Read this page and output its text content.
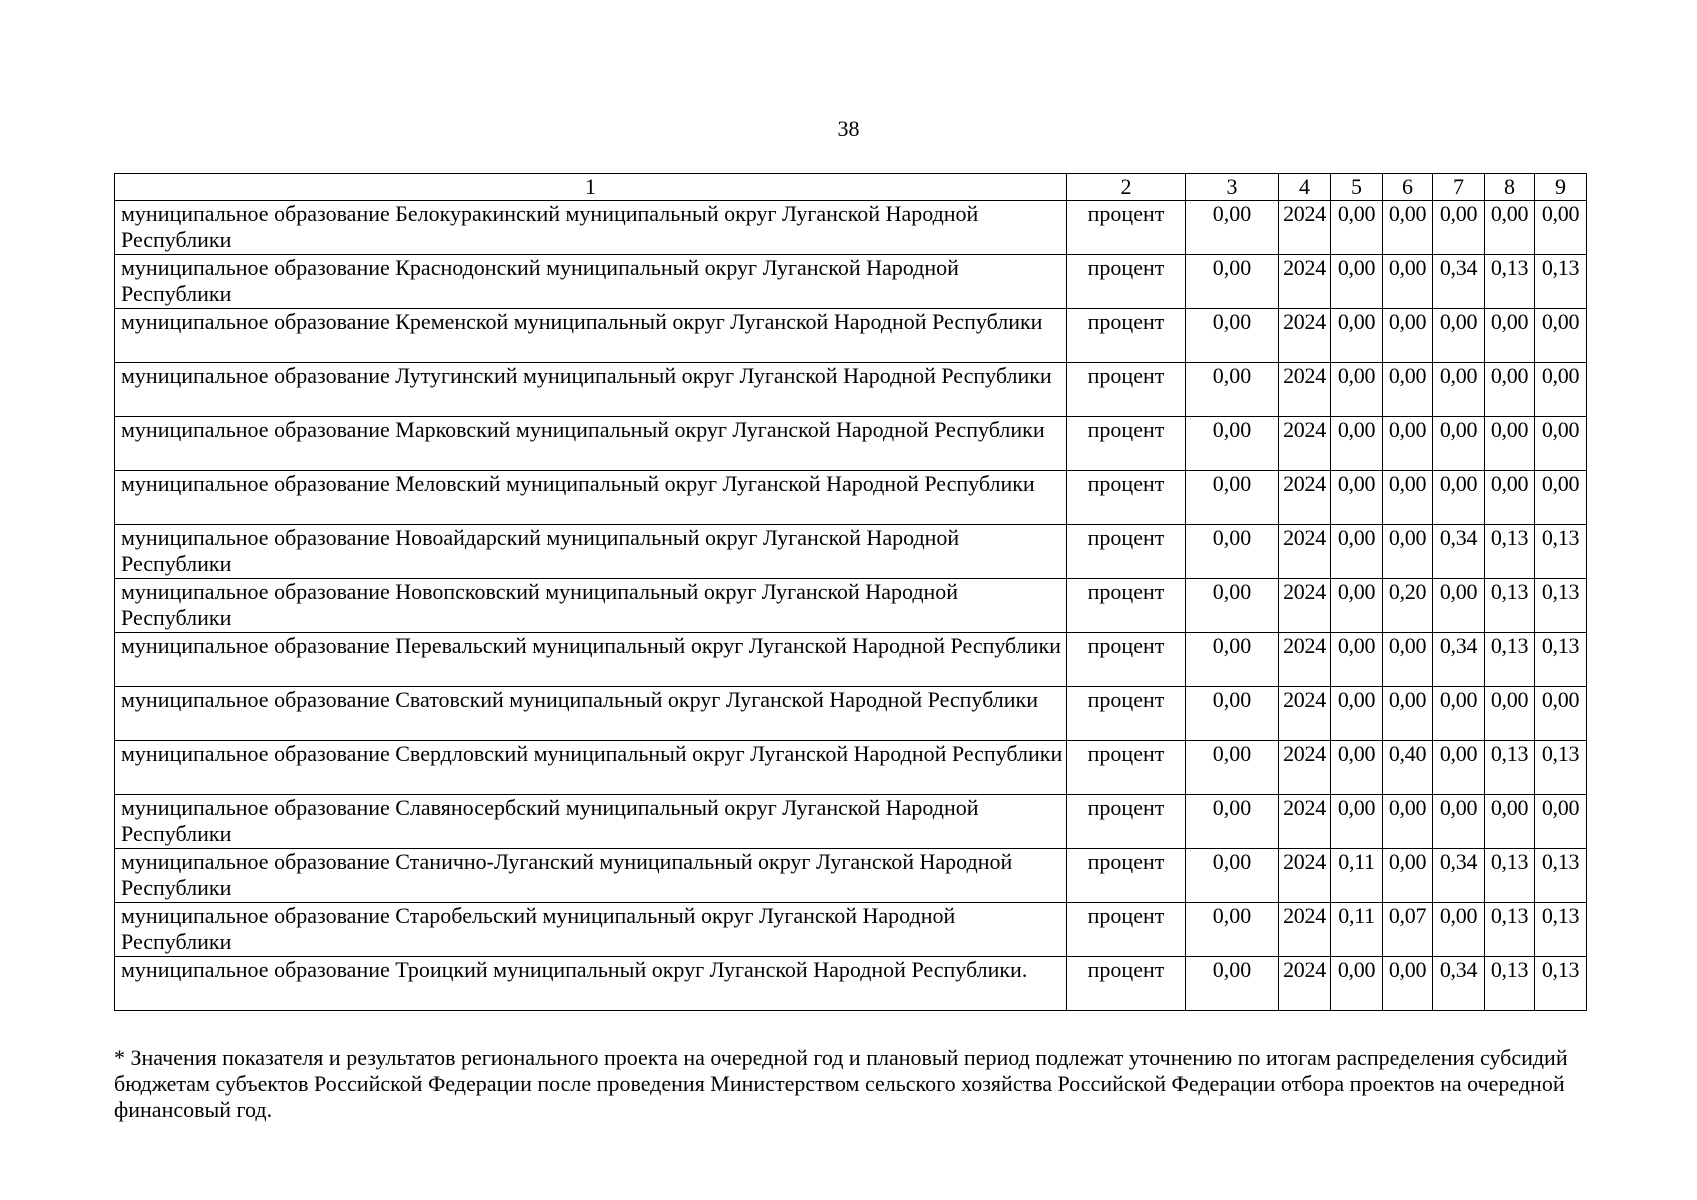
38
1	2	3	4	5	6	7	8	9
муниципальное образование Белокуракинский муниципальный округ Луганской Народной Республики	процент	0,00	2024	0,00	0,00	0,00	0,00	0,00
муниципальное образование Краснодонский муниципальный округ Луганской Народной Республики	процент	0,00	2024	0,00	0,00	0,34	0,13	0,13
муниципальное образование Кременской муниципальный округ Луганской Народной Республики	процент	0,00	2024	0,00	0,00	0,00	0,00	0,00
муниципальное образование Лутугинский муниципальный округ Луганской Народной Республики	процент	0,00	2024	0,00	0,00	0,00	0,00	0,00
муниципальное образование Марковский муниципальный округ Луганской Народной Республики	процент	0,00	2024	0,00	0,00	0,00	0,00	0,00
муниципальное образование Меловский муниципальный округ Луганской Народной Республики	процент	0,00	2024	0,00	0,00	0,00	0,00	0,00
муниципальное образование Новоайдарский муниципальный округ Луганской Народной Республики	процент	0,00	2024	0,00	0,00	0,34	0,13	0,13
муниципальное образование Новопсковский муниципальный округ Луганской Народной Республики	процент	0,00	2024	0,00	0,20	0,00	0,13	0,13
муниципальное образование Перевальский муниципальный округ Луганской Народной Республики	процент	0,00	2024	0,00	0,00	0,34	0,13	0,13
муниципальное образование Сватовский муниципальный округ Луганской Народной Республики	процент	0,00	2024	0,00	0,00	0,00	0,00	0,00
муниципальное образование Свердловский муниципальный округ Луганской Народной Республики	процент	0,00	2024	0,00	0,40	0,00	0,13	0,13
муниципальное образование Славяносербский муниципальный округ Луганской Народной Республики	процент	0,00	2024	0,00	0,00	0,00	0,00	0,00
муниципальное образование Станично-Луганский муниципальный округ Луганской Народной Республики	процент	0,00	2024	0,11	0,00	0,34	0,13	0,13
муниципальное образование Старобельский муниципальный округ Луганской Народной Республики	процент	0,00	2024	0,11	0,07	0,00	0,13	0,13
муниципальное образование Троицкий муниципальный округ Луганской Народной Республики.	процент	0,00	2024	0,00	0,00	0,34	0,13	0,13
* Значения показателя и результатов регионального проекта на очередной год и плановый период подлежат уточнению по итогам распределения субсидий бюджетам субъектов Российской Федерации после проведения Министерством сельского хозяйства Российской Федерации отбора проектов на очередной финансовый год.
